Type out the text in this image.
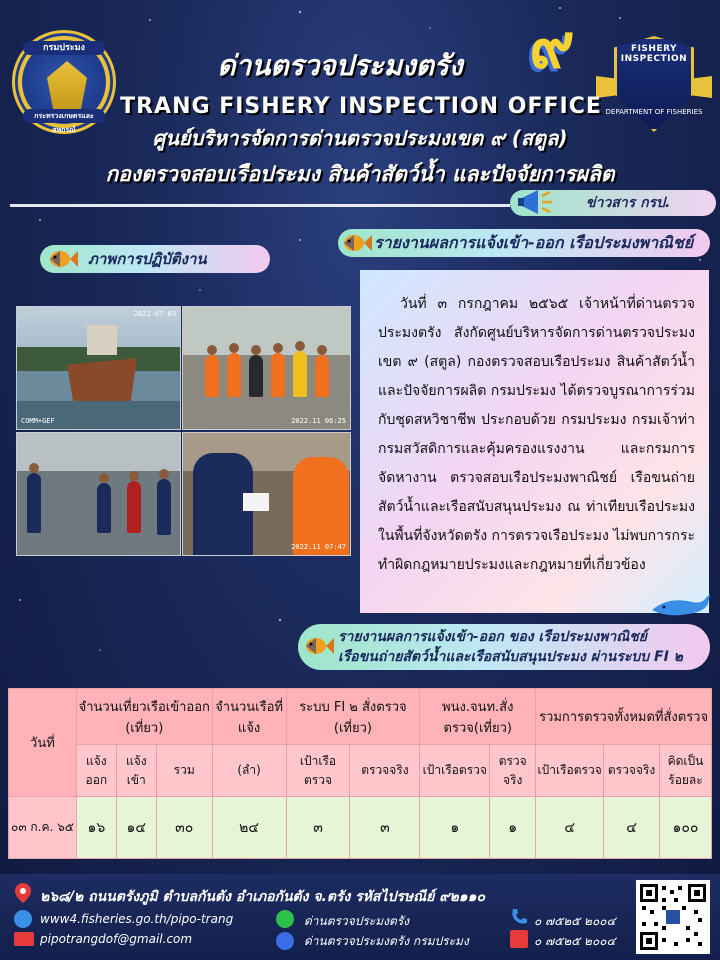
กรมประมง
กระทรวงเกษตรและสหกรณ์
๙	FISHERY INSPECTION
DEPARTMENT OF FISHERIES
ด่านตรวจประมงตรัง
TRANG FISHERY INSPECTION OFFICE
ศูนย์บริหารจัดการด่านตรวจประมงเขต ๙ (สตูล)
กองตรวจสอบเรือประมง สินค้าสัตว์น้ำ และปัจจัยการผลิต
ข่าวสาร กรป.
ภาพการปฏิบัติงาน
รายงานผลการแจ้งเข้า-ออก เรือประมงพาณิชย์
COMM+GEF
2022-07-03
2022.11 06:25
2022.11 07:47
วันที่ ๓ กรกฎาคม ๒๕๖๕ เจ้าหน้าที่ด่านตรวจประมงตรัง สังกัดศูนย์บริหารจัดการด่านตรวจประมง เขต ๙ (สตูล) กองตรวจสอบเรือประมง สินค้าสัตว์น้ำ และปัจจัยการผลิต กรมประมง ได้ตรวจบูรณาการร่วมกับชุดสหวิชาชีพ ประกอบด้วย กรมประมง กรมเจ้าท่า กรมสวัสดิการและคุ้มครองแรงงาน และกรมการจัดหางาน ตรวจสอบเรือประมงพาณิชย์ เรือขนถ่ายสัตว์น้ำและเรือสนับสนุนประมง ณ ท่าเทียบเรือประมงในพื้นที่จังหวัดตรัง การตรวจเรือประมง ไม่พบการกระทำผิดกฎหมายประมงและกฎหมายที่เกี่ยวข้อง
รายงานผลการแจ้งเข้า-ออก ของ เรือประมงพาณิชย์
เรือขนถ่ายสัตว์น้ำและเรือสนับสนุนประมง ผ่านระบบ FI ๒
วันที่	จำนวนเที่ยวเรือเข้าออก (เที่ยว)			จำนวนเรือที่แจ้ง	ระบบ FI ๒ สั่งตรวจ (เที่ยว)		พนง.จนท.สั่งตรวจ(เที่ยว)		รวมการตรวจทั้งหมดที่สั่งตรวจ		
	แจ้งออก	แจ้งเข้า	รวม	(ลำ)	เป้าเรือตรวจ	ตรวจจริง	เป้าเรือตรวจ	ตรวจจริง	เป้าเรือตรวจ	ตรวจจริง	คิดเป็นร้อยละ
๐๓ ก.ค. ๖๕	๑๖	๑๔	๓๐	๒๔	๓	๓	๑	๑	๔	๔	๑๐๐
๒๖๘/๒ ถนนตรังภูมิ ตำบลกันตัง อำเภอกันตัง จ.ตรัง รหัสไปรษณีย์ ๙๒๑๑๐
www4.fisheries.go.th/pipo-trang
pipotrangdof@gmail.com
ด่านตรวจประมงตรัง
ด่านตรวจประมงตรัง กรมประมง
๐ ๗๕๒๕ ๒๐๐๔
๐ ๗๕๒๕ ๒๐๐๔
